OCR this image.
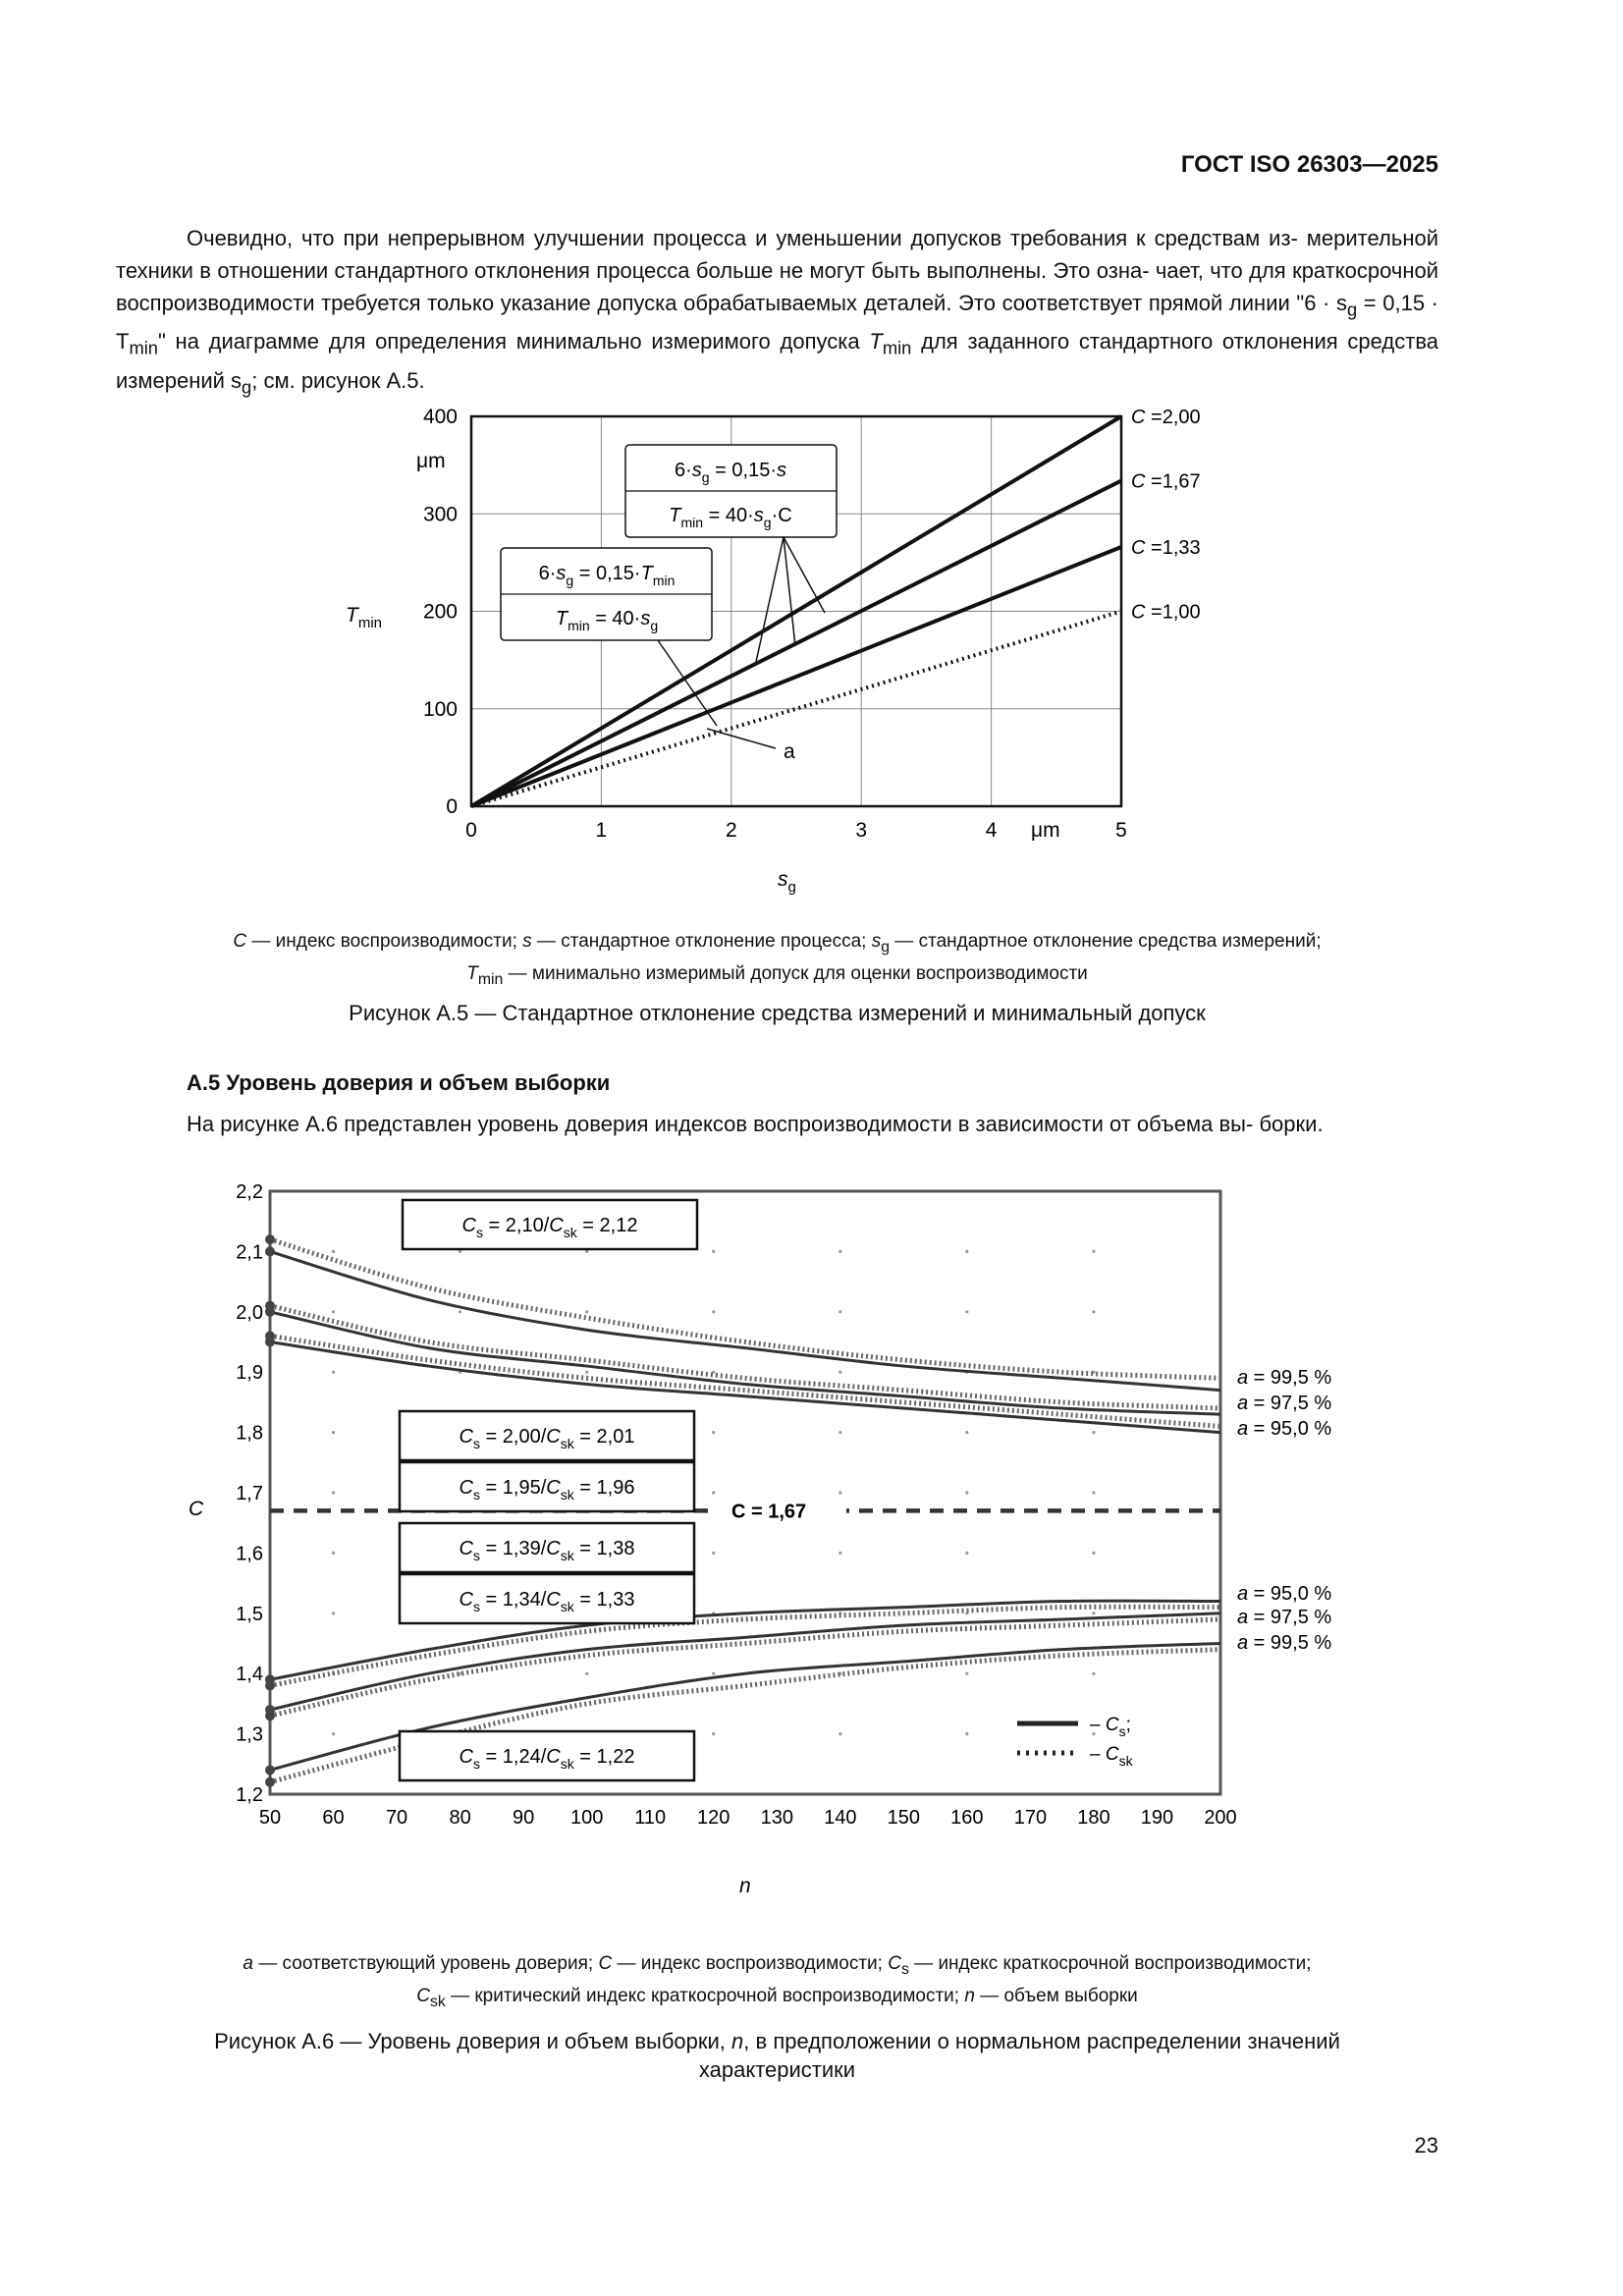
ГОСТ ISO 26303—2025

Очевидно, что при непрерывном улучшении процесса и уменьшении допусков требования к средствам из- мерительной техники в отношении стандартного отклонения процесса больше не могут быть выполнены. Это озна- чает, что для краткосрочной воспроизводимости требуется только указание допуска обрабатываемых деталей. Это соответствует прямой линии "$6 \cdot s_g = 0,15 \cdot T_{min}$" на диаграмме для определения минимально измеримого допуска $T_{min}$ для заданного стандартного отклонения средства измерений $s_g$; см. рисунок А.5.

0
100
200
300
400
0	1	2	3	4	5
μm
μm
$T_{min}$
$s_g$
C =2,00
C =1,67
C =1,33
C =1,00
$6\cdot s_g = 0,15\cdot s$
$T_{min} = 40\cdot s_g\cdot C$
$6\cdot s_g = 0,15\cdot T_{min}$
$T_{min} = 40\cdot s_g$
a
C — индекс воспроизводимости; s — стандартное отклонение процесса; $s_g$ — стандартное отклонение средства измерений;
$T_{min}$ — минимально измеримый допуск для оценки воспроизводимости
Рисунок А.5 — Стандартное отклонение средства измерений и минимальный допуск
А.5 Уровень доверия и объем выборки

На рисунке А.6 представлен уровень доверия индексов воспроизводимости в зависимости от объема вы- борки.

C = 1,67
1,2
1,3
1,4
1,5
1,6
1,7
1,8
1,9
2,0
2,1
2,2
50 60 70 80 90 100 110 120 130 140 150 160 170 180 190 200
C
n
$C_s = 2,10/C_{sk} = 2,12$
$C_s = 2,00/C_{sk} = 2,01$
$C_s = 1,95/C_{sk} = 1,96$
$C_s = 1,39/C_{sk} = 1,38$
$C_s = 1,34/C_{sk} = 1,33$
$C_s = 1,24/C_{sk} = 1,22$
a = 99,5 %
a = 97,5 %
a = 95,0 %
a = 95,0 %
a = 97,5 %
a = 99,5 %
– $C_s$;
– $C_{sk}$
a — соответствующий уровень доверия; C — индекс воспроизводимости; $C_s$ — индекс краткосрочной воспроизводимости;
$C_{sk}$ — критический индекс краткосрочной воспроизводимости; n — объем выборки
Рисунок А.6 — Уровень доверия и объем выборки, n, в предположении о нормальном распределении значений
характеристики
23
